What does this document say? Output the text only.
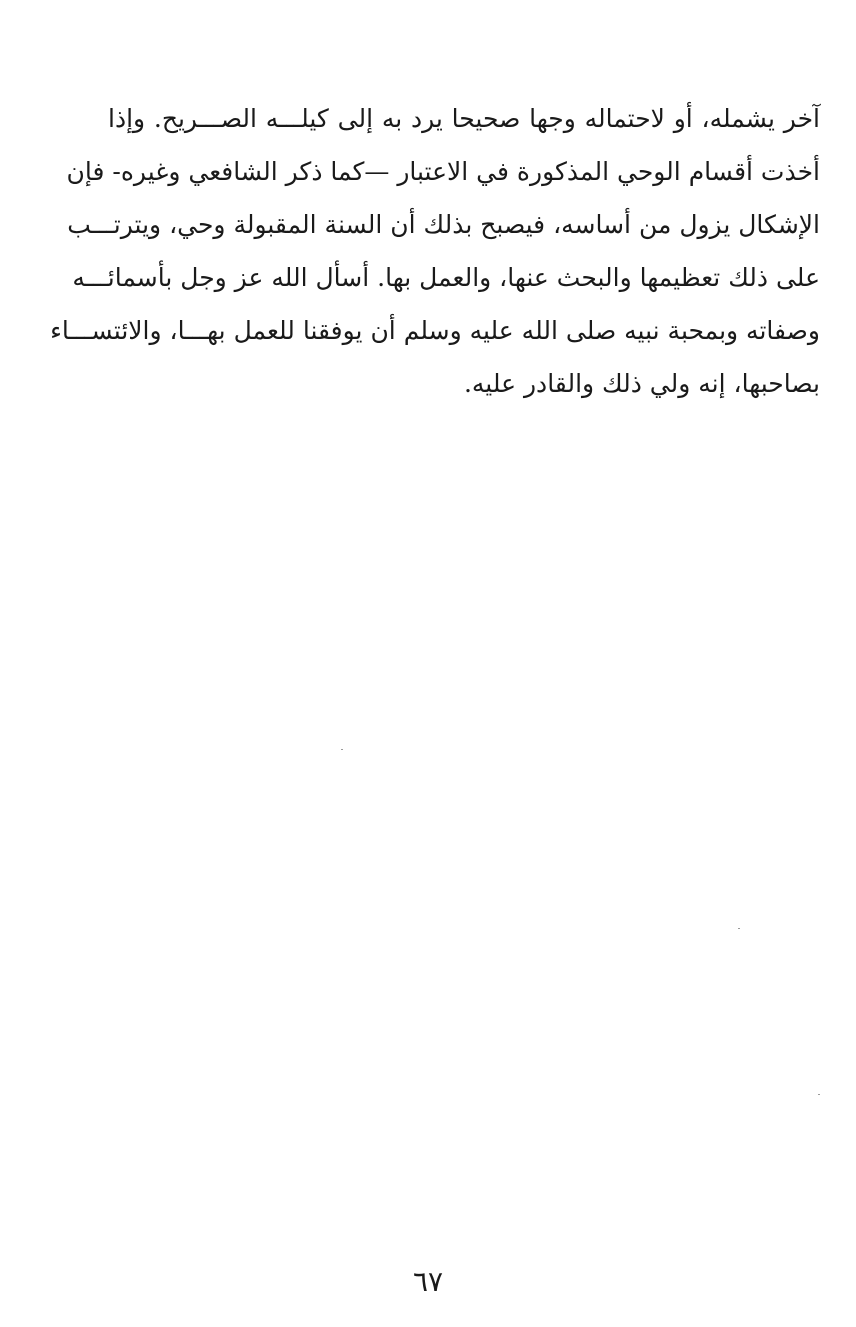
آخر يشمله، أو لاحتماله وجها صحيحا يرد به إلى كيلـــه الصـــريح. وإذا
أخذت أقسام الوحي المذكورة في الاعتبار —كما ذكر الشافعي وغيره- فإن
الإشكال يزول من أساسه، فيصبح بذلك أن السنة المقبولة وحي، ويترتـــب
على ذلك تعظيمها والبحث عنها، والعمل بها. أسأل الله عز وجل بأسمائـــه
وصفاته وبمحبة نبيه صلى الله عليه وسلم أن يوفقنا للعمل بهـــا، والائتســـاء
بصاحبها، إنه ولي ذلك والقادر عليه.
٦٧
